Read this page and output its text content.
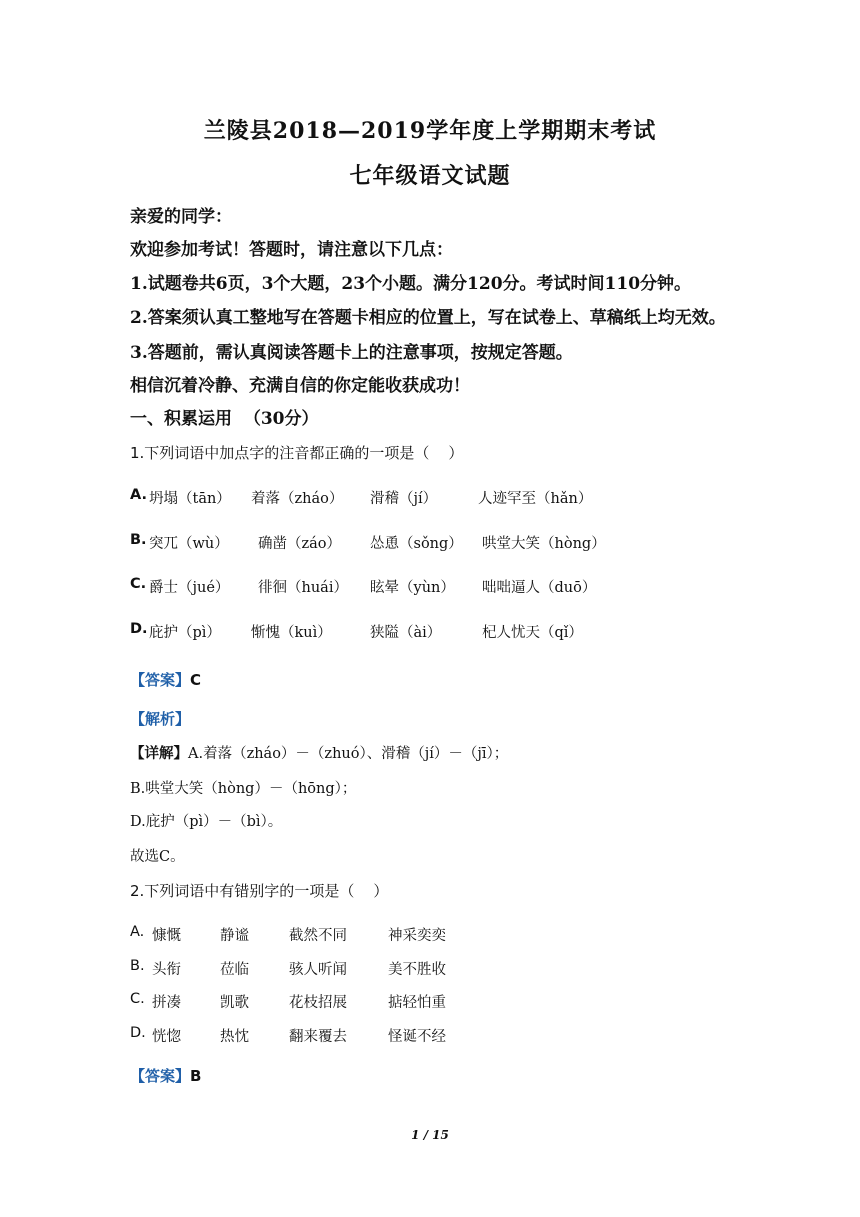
兰陵县2018—2019学年度上学期期末考试
七年级语文试题
亲爱的同学：
欢迎参加考试！答题时，请注意以下几点：
1.试题卷共6页，3个大题，23个小题。满分120分。考试时间110分钟。
2.答案须认真工整地写在答题卡相应的位置上，写在试卷上、草稿纸上均无效。
3.答题前，需认真阅读答题卡上的注意事项，按规定答题。
相信沉着冷静、充满自信的你定能收获成功！
一、积累运用  （30分）
1.下列词语中加点字的注音都正确的一项是（    ）
A. 坍塌（tān） 着落（zháo） 滑稽（jí）	人迹罕至（hǎn）
B. 突兀（wù） 确凿（záo） 怂恿（sǒng） 哄堂大笑（hòng）
C. 爵士（jué） 徘徊（huái） 眩晕（yùn） 咄咄逼人（duō）
D. 庇护（pì） 惭愧（kuì）	狭隘（ài）	杞人忧天（qǐ）
【答案】C
【解析】
【详解】A.着落（zháo）－（zhuó）、滑稽（jí）－（jī）；
B.哄堂大笑（hòng）－（hōng）；
D.庇护（pì）－（bì）。
故选C。
2.下列词语中有错别字的一项是（    ）
A. 慷慨	静谧	截然不同	神采奕奕
B. 头衔	莅临	骇人听闻	美不胜收
C. 拼凑	凯歌	花枝招展	掂轻怕重
D. 恍惚	热忱	翻来覆去	怪诞不经
【答案】B
1 / 15
